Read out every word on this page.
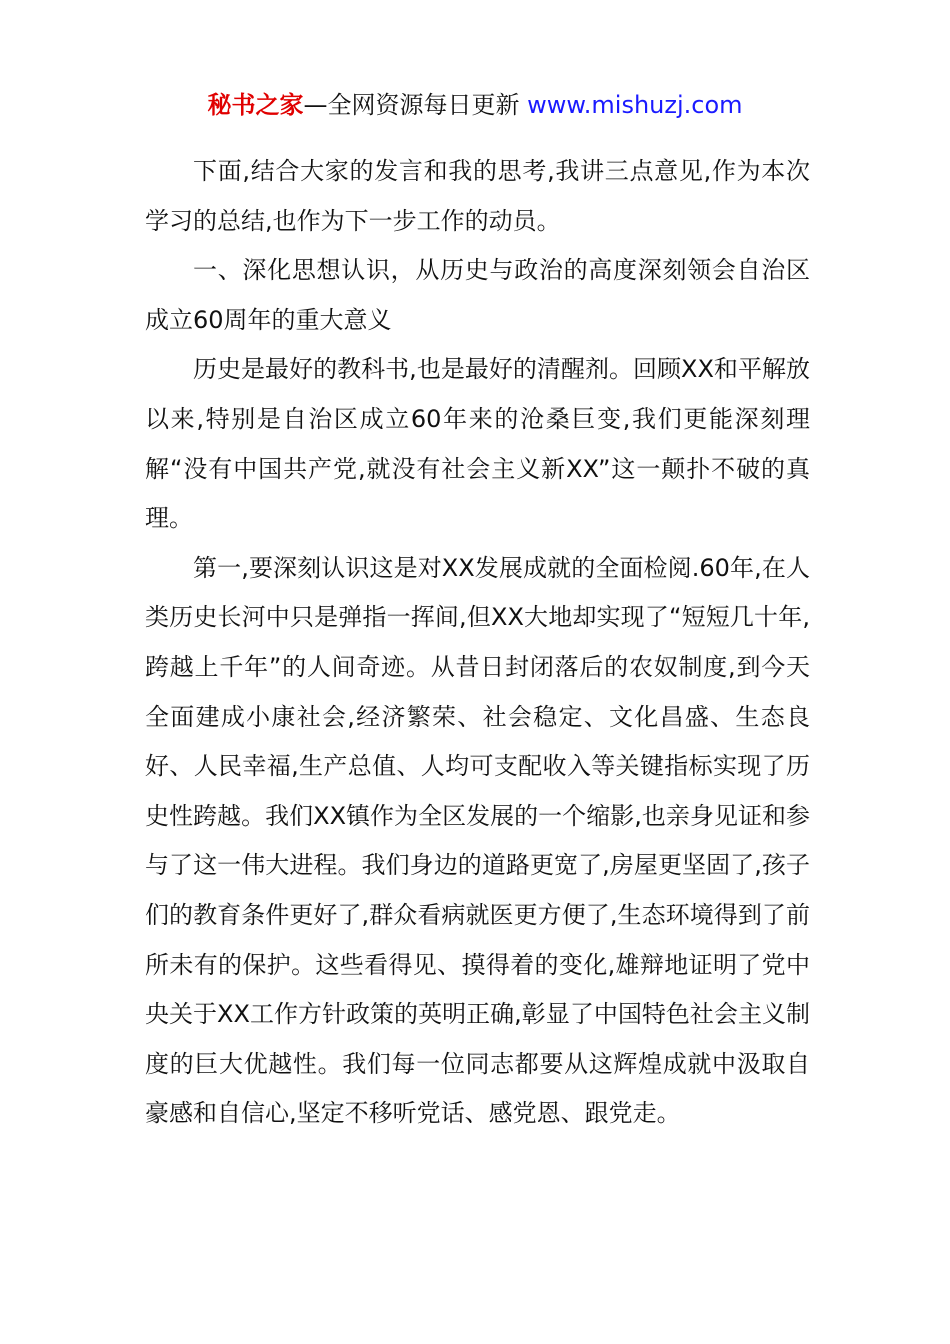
秘书之家—全网资源每日更新 www.mishuzj.com

下面,结合大家的发言和我的思考,我讲三点意见,作为本次学习的总结,也作为下一步工作的动员。

一、深化思想认识，从历史与政治的高度深刻领会自治区成立60周年的重大意义

历史是最好的教科书,也是最好的清醒剂。回顾XX和平解放以来,特别是自治区成立60年来的沧桑巨变,我们更能深刻理解“没有中国共产党,就没有社会主义新XX”这一颠扑不破的真理。

第一,要深刻认识这是对XX发展成就的全面检阅.60年,在人类历史长河中只是弹指一挥间,但XX大地却实现了“短短几十年,跨越上千年”的人间奇迹。从昔日封闭落后的农奴制度,到今天全面建成小康社会,经济繁荣、社会稳定、文化昌盛、生态良好、人民幸福,生产总值、人均可支配收入等关键指标实现了历史性跨越。我们XX镇作为全区发展的一个缩影,也亲身见证和参与了这一伟大进程。我们身边的道路更宽了,房屋更坚固了,孩子们的教育条件更好了,群众看病就医更方便了,生态环境得到了前所未有的保护。这些看得见、摸得着的变化,雄辩地证明了党中央关于XX工作方针政策的英明正确,彰显了中国特色社会主义制度的巨大优越性。我们每一位同志都要从这辉煌成就中汲取自豪感和自信心,坚定不移听党话、感党恩、跟党走。
